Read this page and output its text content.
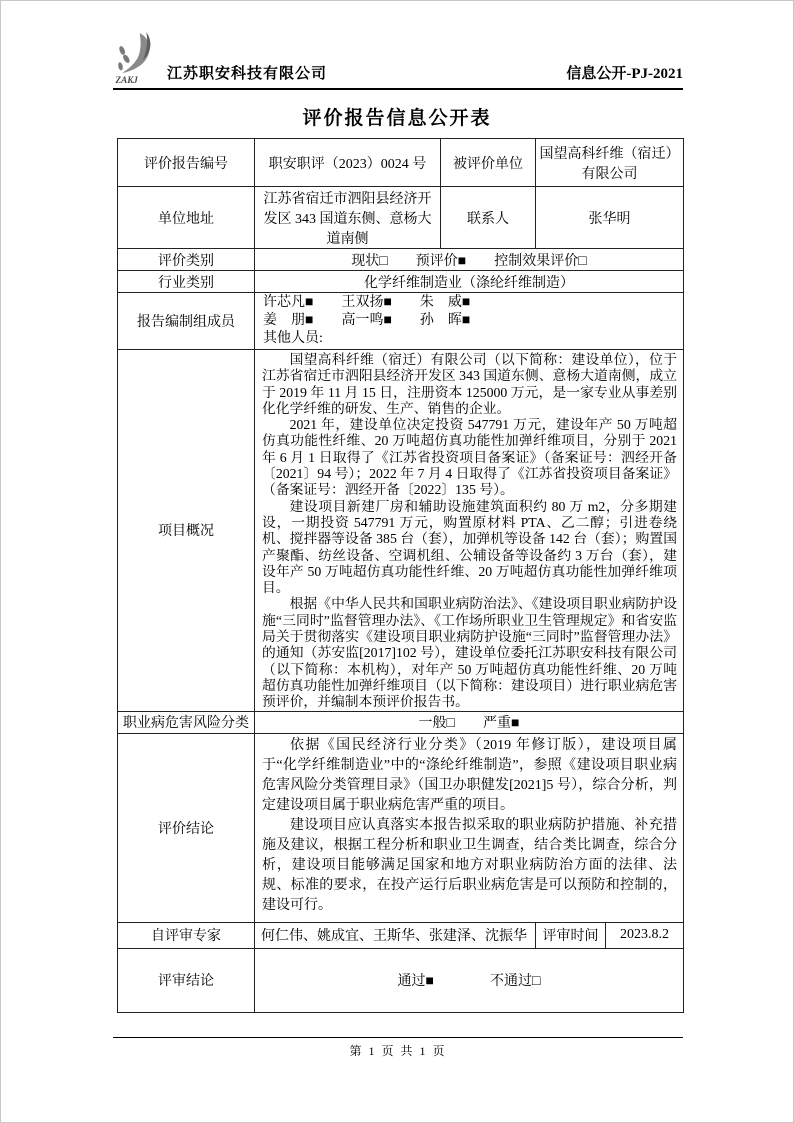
ZAKJ 江苏职安科技有限公司	信息公开-PJ-2021
评价报告信息公开表
评价报告编号	职安职评（2023）0024 号	被评价单位	国望高科纤维（宿迁）有限公司	
单位地址	江苏省宿迁市泗阳县经济开发区 343 国道东侧、意杨大道南侧	联系人	张华明	
评价类别	现状□ 预评价■ 控制效果评价□			
行业类别	化学纤维制造业（涤纶纤维制造）			
报告编制组成员	许芯凡■　　王双扬■　　朱　威■
姜　朋■　　高一鸣■　　孙　晖■
其他人员:			

项目概况	国望高科纤维（宿迁）有限公司（以下简称：建设单位），位于江苏省宿迁市泗阳县经济开发区 343 国道东侧、意杨大道南侧，成立于 2019 年 11 月 15 日，注册资本 125000 万元，是一家专业从事差别化化学纤维的研发、生产、销售的企业。

2021 年，建设单位决定投资 547791 万元，建设年产 50 万吨超仿真功能性纤维、20 万吨超仿真功能性加弹纤维项目，分别于 2021 年 6 月 1 日取得了《江苏省投资项目备案证》（备案证号：泗经开备〔2021〕94 号）；2022 年 7 月 4 日取得了《江苏省投资项目备案证》（备案证号：泗经开备〔2022〕135 号）。

建设项目新建厂房和辅助设施建筑面积约 80 万 m2，分多期建设，一期投资 547791 万元，购置原材料 PTA、乙二醇；引进卷绕机、搅拌器等设备 385 台（套），加弹机等设备 142 台（套）；购置国产聚酯、纺丝设备、空调机组、公辅设备等设备约 3 万台（套），建设年产 50 万吨超仿真功能性纤维、20 万吨超仿真功能性加弹纤维项目。

根据《中华人民共和国职业病防治法》、《建设项目职业病防护设施“三同时”监督管理办法》、《工作场所职业卫生管理规定》和省安监局关于贯彻落实《建设项目职业病防护设施“三同时”监督管理办法》的通知（苏安监[2017]102 号），建设单位委托江苏职安科技有限公司（以下简称：本机构），对年产 50 万吨超仿真功能性纤维、20 万吨超仿真功能性加弹纤维项目（以下简称：建设项目）进行职业病危害预评价，并编制本预评价报告书。			

职业病危害风险分类	一般□ 严重■			
评价结论	依据《国民经济行业分类》（2019 年修订版），建设项目属于“化学纤维制造业”中的“涤纶纤维制造”，参照《建设项目职业病危害风险分类管理目录》（国卫办职健发[2021]5 号），综合分析，判定建设项目属于职业病危害严重的项目。

建设项目应认真落实本报告拟采取的职业病防护措施、补充措施及建议，根据工程分析和职业卫生调查，结合类比调查，综合分析，建设项目能够满足国家和地方对职业病防治方面的法律、法规、标准的要求，在投产运行后职业病危害是可以预防和控制的，建设可行。			

自评审专家	何仁伟、姚成宜、王斯华、张建泽、沈振华		评审时间	2023.8.2
评审结论	通过■ 不通过□			
第 1 页 共 1 页
